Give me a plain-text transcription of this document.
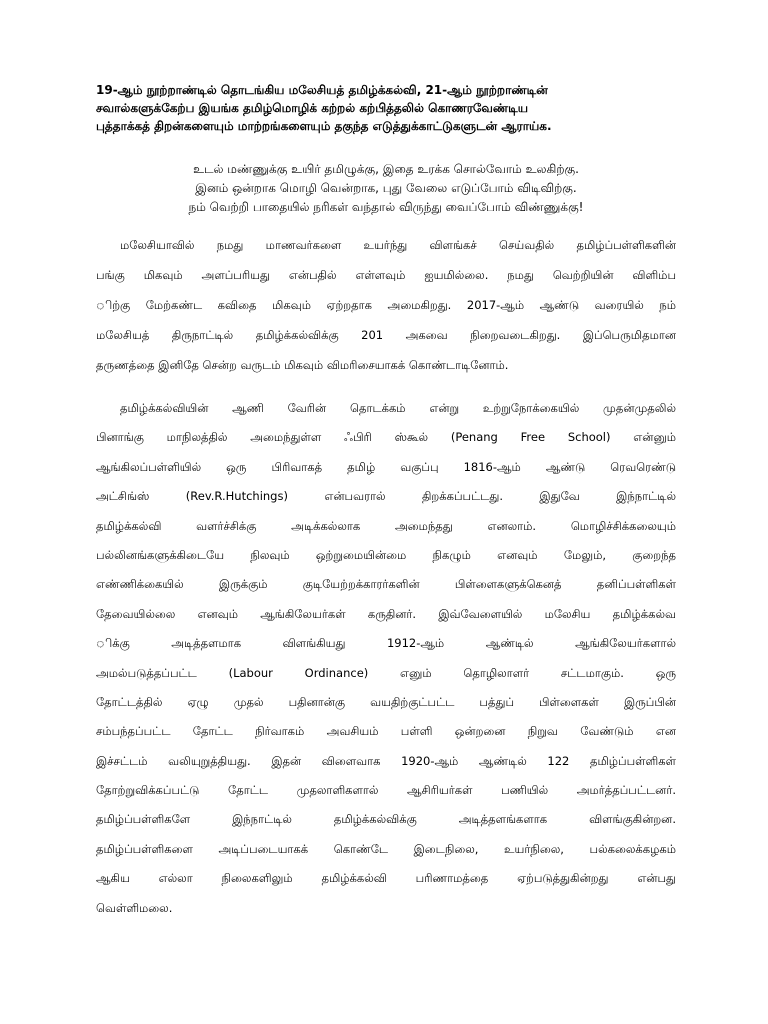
19-ஆம் நூற்றாண்டில் தொடங்கிய மலேசியத் தமிழ்க்கல்வி, 21-ஆம் நூற்றாண்டின்
சவால்களுக்கேற்ப இயங்க தமிழ்மொழிக் கற்றல் கற்பித்தலில் கொணரவேண்டிய
புத்தாக்கத் திறன்களையும் மாற்றங்களையும் தகுந்த எடுத்துக்காட்டுகளுடன் ஆராய்க.
உடல் மண்ணுக்கு உயிர் தமிழுக்கு, இதை உரக்க சொல்வோம் உலகிற்கு.
இனம் ஒன்றாக மொழி வென்றாக, புது வேலை எடுப்போம் விடிவிற்கு.
நம் வெற்றி பாதையில் நரிகள் வந்தால் விருந்து வைப்போம் விண்ணுக்கு!
மலேசியாவில் நமது மாணவர்களை உயர்ந்து விளங்கச் செய்வதில் தமிழ்ப்பள்ளிகளின்
பங்கு மிகவும் அளப்பரியது என்பதில் எள்ளவும் ஐயமில்லை. நமது வெற்றியின் விளிம்ப
ிற்கு மேற்கண்ட கவிதை மிகவும் ஏற்றதாக அமைகிறது. 2017-ஆம் ஆண்டு வரையில் நம்
மலேசியத் திருநாட்டில் தமிழ்க்கல்விக்கு 201 அகவை நிறைவடைகிறது. இப்பெருமிதமான
தருணத்தை இனிதே சென்ற வருடம் மிகவும் விமரிசையாகக் கொண்டாடினோம்.
தமிழ்க்கல்வியின் ஆணி வேரின் தொடக்கம் என்று உற்றுநோக்கையில் முதன்முதலில்
பினாங்கு மாநிலத்தில் அமைந்துள்ள ஃபிரி ஸ்கூல் (Penang Free School) என்னும்
ஆங்கிலப்பள்ளியில் ஒரு பிரிவாகத் தமிழ் வகுப்பு 1816-ஆம் ஆண்டு ரெவரெண்டு
அட்சிங்ஸ் (Rev.R.Hutchings) என்பவரால் திறக்கப்பட்டது. இதுவே இந்நாட்டில்
தமிழ்க்கல்வி வளர்ச்சிக்கு அடிக்கல்லாக அமைந்தது எனலாம். மொழிச்சிக்கலையும்
பல்லினங்களுக்கிடையே நிலவும் ஒற்றுமையின்மை நிகழும் எனவும் மேலும், குறைந்த
எண்ணிக்கையில் இருக்கும் குடியேற்றக்காரர்களின் பிள்ளைகளுக்கெனத் தனிப்பள்ளிகள்
தேவையில்லை எனவும் ஆங்கிலேயர்கள் கருதினர். இவ்வேளையில் மலேசிய தமிழ்க்கல்வ
ிக்கு அடித்தளமாக விளங்கியது 1912-ஆம் ஆண்டில் ஆங்கிலேயர்களால்
அமல்படுத்தப்பட்ட (Labour Ordinance) எனும் தொழிலாளர் சட்டமாகும். ஒரு
தோட்டத்தில் ஏழு முதல் பதினான்கு வயதிற்குட்பட்ட பத்துப் பிள்ளைகள் இருப்பின்
சம்பந்தப்பட்ட தோட்ட நிர்வாகம் அவசியம் பள்ளி ஒன்றனை நிறுவ வேண்டும் என
இச்சட்டம் வலியுறுத்தியது. இதன் விளைவாக 1920-ஆம் ஆண்டில் 122 தமிழ்ப்பள்ளிகள்
தோற்றுவிக்கப்பட்டு தோட்ட முதலாளிகளால் ஆசிரியர்கள் பணியில் அமர்த்தப்பட்டனர்.
தமிழ்ப்பள்ளிகளே இந்நாட்டில் தமிழ்க்கல்விக்கு அடித்தளங்களாக விளங்குகின்றன.
தமிழ்ப்பள்ளிகளை அடிப்படையாகக் கொண்டே இடைநிலை, உயர்நிலை, பல்கலைக்கழகம்
ஆகிய எல்லா நிலைகளிலும் தமிழ்க்கல்வி பரிணாமத்தை ஏற்படுத்துகின்றது என்பது
வெள்ளிமலை.
